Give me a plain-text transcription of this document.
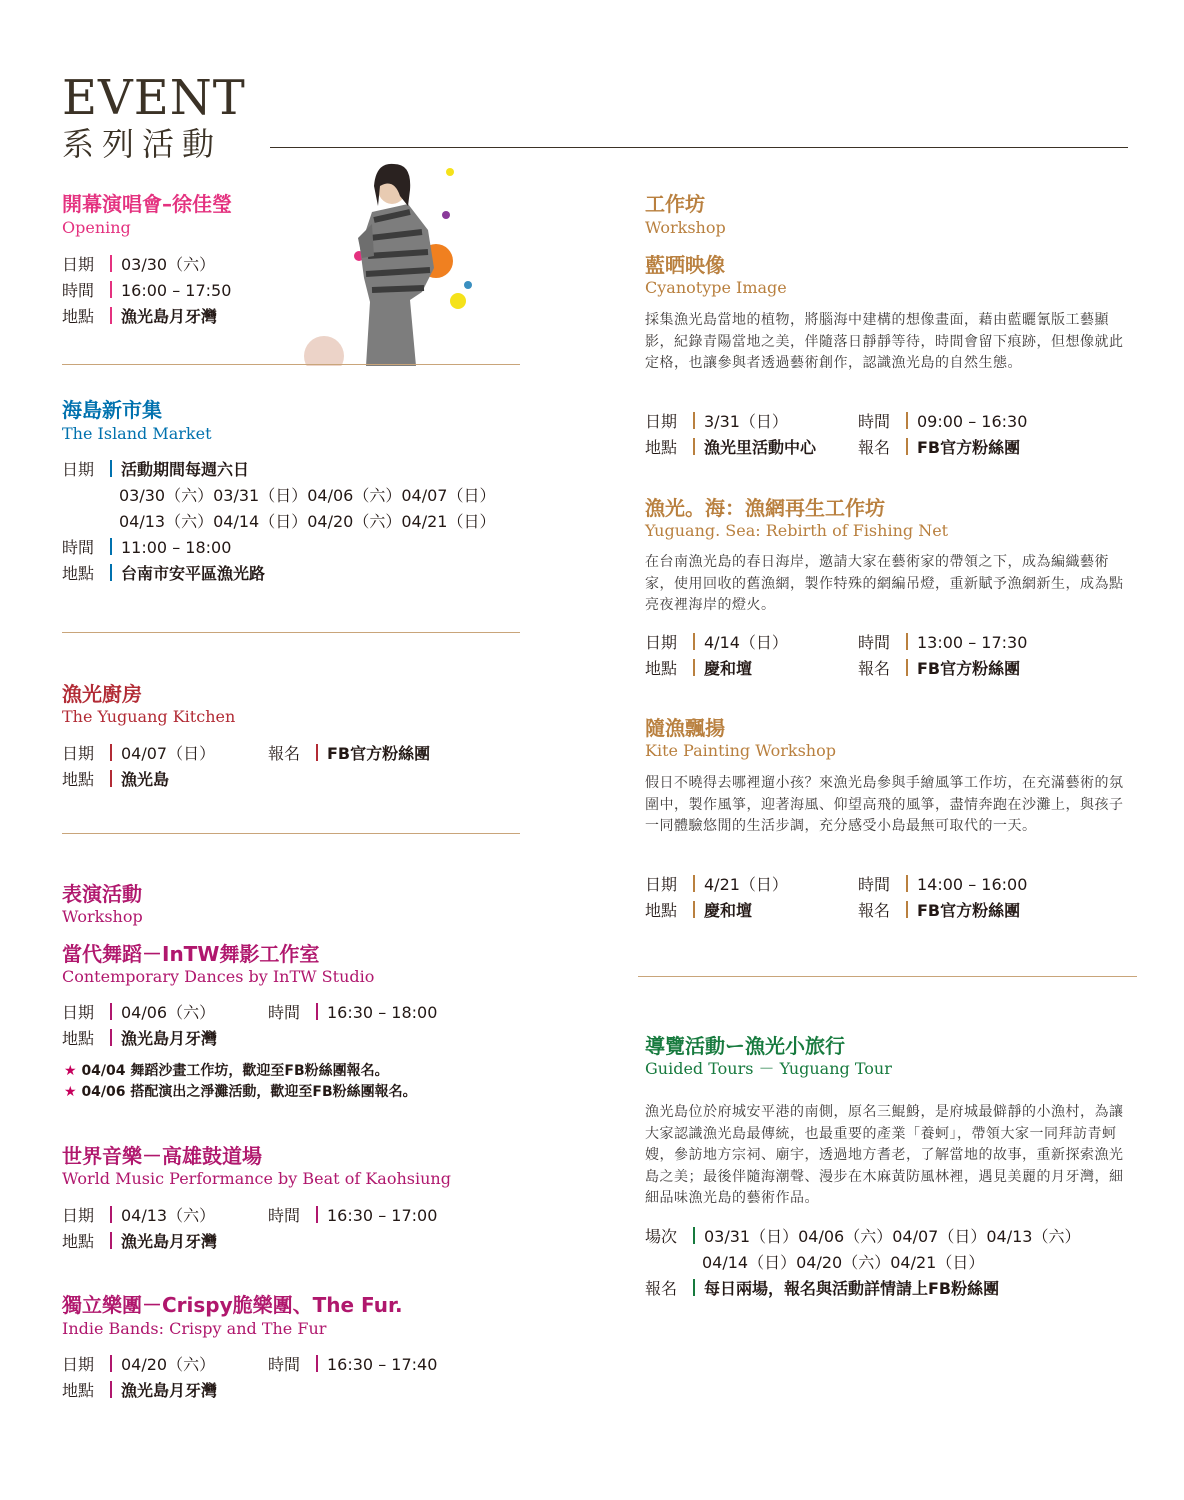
EVENT
系列活動
開幕演唱會–徐佳瑩
Opening
日期 03/30（六）
時間 16:00 – 17:50
地點 漁光島月牙灣
海島新市集
The Island Market
日期 活動期間每週六日
03/30（六）03/31（日）04/06（六）04/07（日）
04/13（六）04/14（日）04/20（六）04/21（日）
時間 11:00 – 18:00
地點 台南市安平區漁光路
漁光廚房
The Yuguang Kitchen
日期 04/07（日）	報名 FB官方粉絲團
地點 漁光島
表演活動
Workshop
當代舞蹈－InTW舞影工作室
Contemporary Dances by InTW Studio
日期 04/06（六）	時間 16:30 – 18:00
地點 漁光島月牙灣
★ 04/04 舞蹈沙畫工作坊，歡迎至FB粉絲團報名。
★ 04/06 搭配演出之淨灘活動，歡迎至FB粉絲團報名。
世界音樂－高雄鼓道場
World Music Performance by Beat of Kaohsiung
日期 04/13（六）	時間 16:30 – 17:00
地點 漁光島月牙灣
獨立樂團－Crispy脆樂團、The Fur.
Indie Bands: Crispy and The Fur
日期 04/20（六）	時間 16:30 – 17:40
地點 漁光島月牙灣
工作坊
Workshop
藍晒映像
Cyanotype Image
採集漁光島當地的植物，將腦海中建構的想像畫面，藉由藍曬氰版工藝顯影，紀錄青陽當地之美，伴隨落日靜靜等待，時間會留下痕跡，但想像就此定格，也讓參與者透過藝術創作，認識漁光島的自然生態。
日期 3/31（日）	時間 09:00 – 16:30
地點 漁光里活動中心	報名 FB官方粉絲團
漁光。海：漁網再生工作坊
Yuguang. Sea: Rebirth of Fishing Net
在台南漁光島的春日海岸，邀請大家在藝術家的帶領之下，成為編織藝術家，使用回收的舊漁網，製作特殊的網編吊燈，重新賦予漁網新生，成為點亮夜裡海岸的燈火。
日期 4/14（日）	時間 13:00 – 17:30
地點 慶和壇	報名 FB官方粉絲團
隨漁飄揚
Kite Painting Workshop
假日不曉得去哪裡遛小孩？來漁光島參與手繪風箏工作坊，在充滿藝術的氛圍中，製作風箏，迎著海風、仰望高飛的風箏，盡情奔跑在沙灘上，與孩子一同體驗悠閒的生活步調，充分感受小島最無可取代的一天。
日期 4/21（日）	時間 14:00 – 16:00
地點 慶和壇	報名 FB官方粉絲團
導覽活動ー漁光小旅行
Guided Tours － Yuguang Tour
漁光島位於府城安平港的南側，原名三鯤鯓，是府城最僻靜的小漁村，為讓大家認識漁光島最傳統，也最重要的產業「養蚵」，帶領大家一同拜訪青蚵嫂，參訪地方宗祠、廟宇，透過地方耆老，了解當地的故事，重新探索漁光島之美；最後伴隨海潮聲、漫步在木麻黃防風林裡，遇見美麗的月牙灣，細細品味漁光島的藝術作品。
場次 03/31（日）04/06（六）04/07（日）04/13（六）
04/14（日）04/20（六）04/21（日）
報名 每日兩場，報名與活動詳情請上FB粉絲團
